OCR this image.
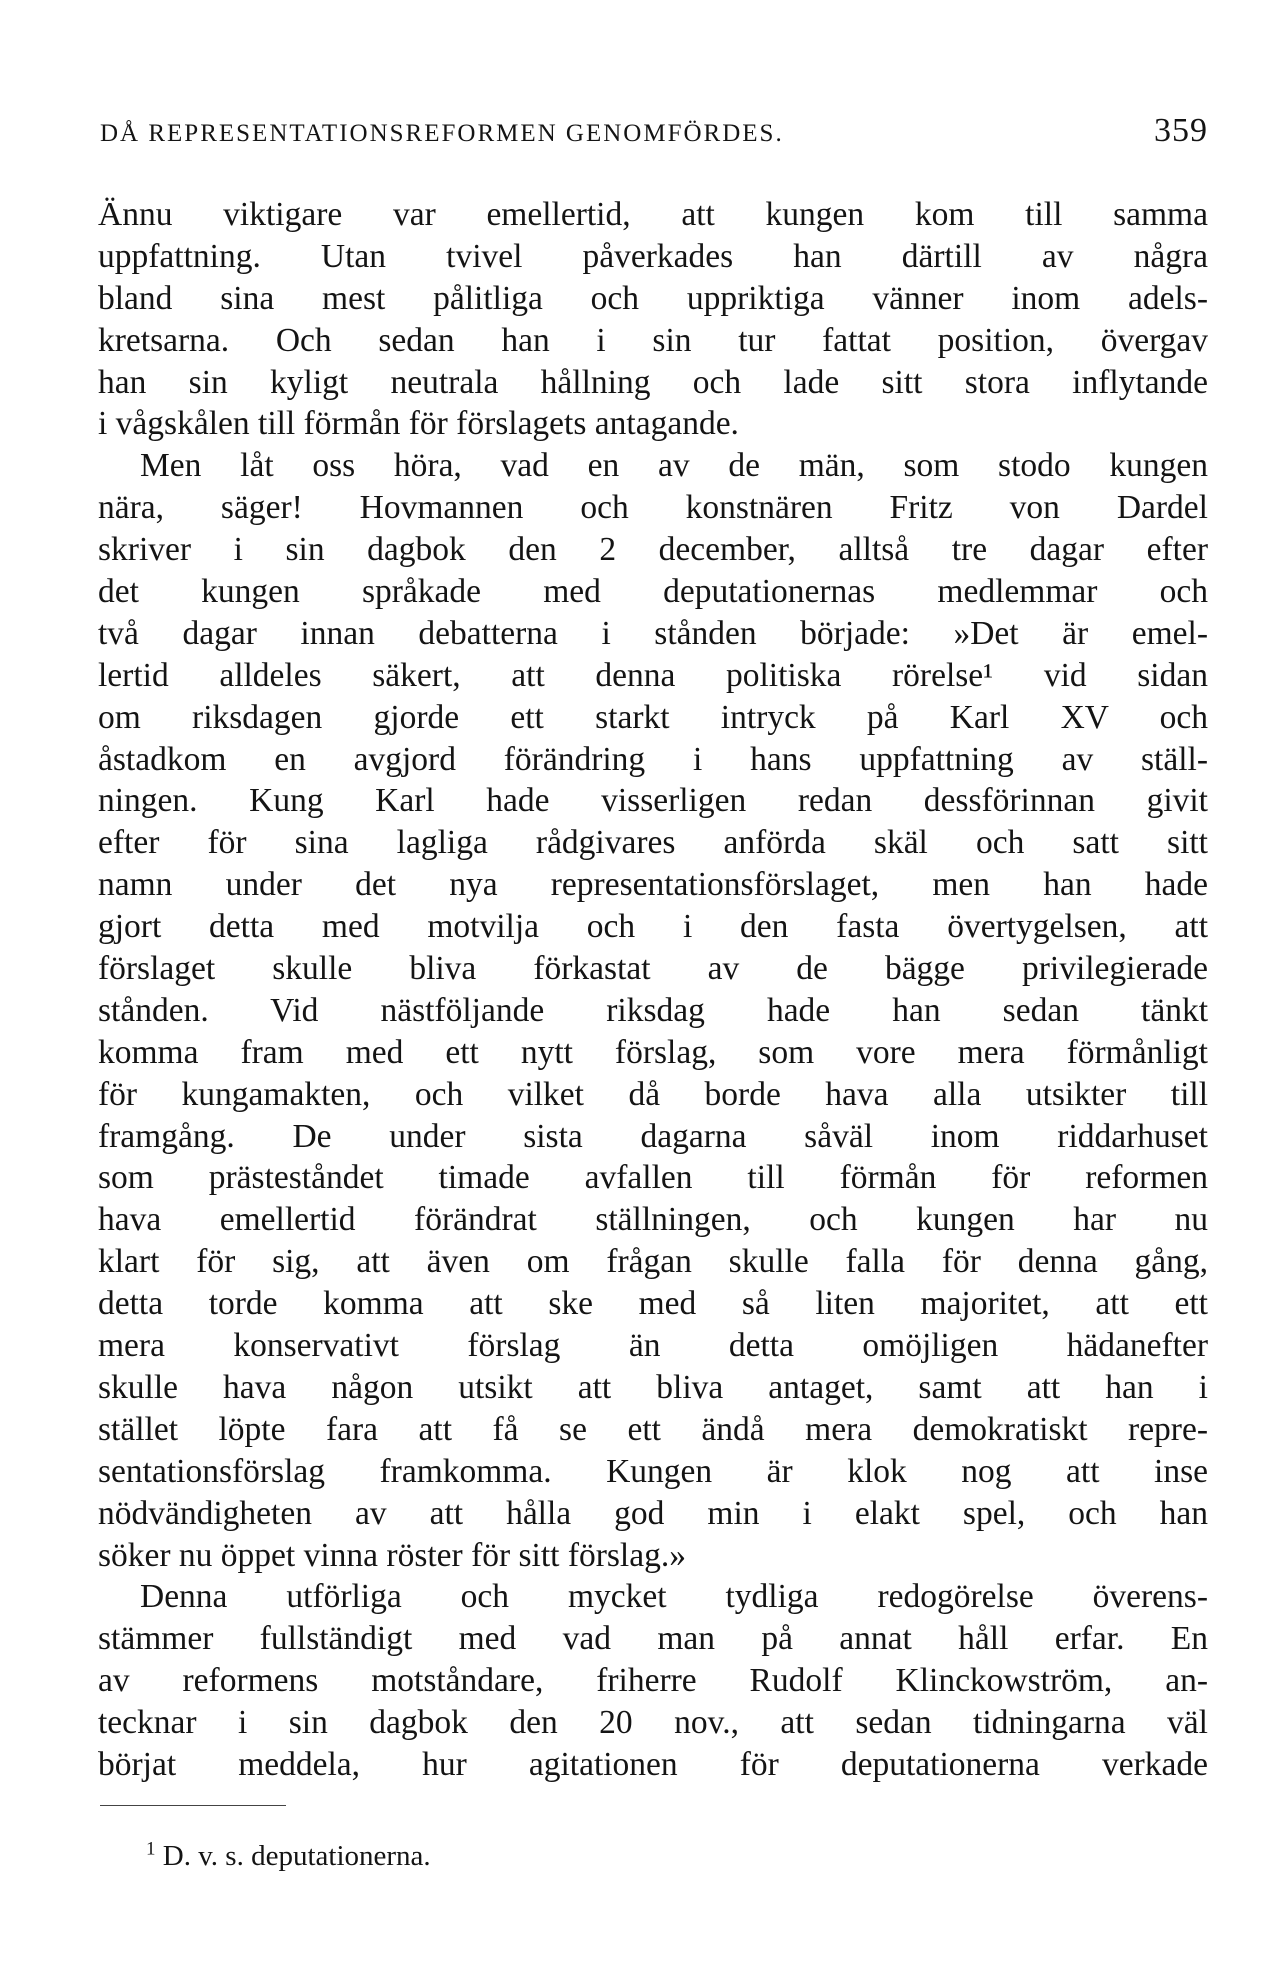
DÅ REPRESENTATIONSREFORMEN GENOMFÖRDES.	359
Ännu viktigare var emellertid, att kungen kom till samma
uppfattning. Utan tvivel påverkades han därtill av några
bland sina mest pålitliga och uppriktiga vänner inom adels-
kretsarna. Och sedan han i sin tur fattat position, övergav
han sin kyligt neutrala hållning och lade sitt stora inflytande
i vågskålen till förmån för förslagets antagande.
Men låt oss höra, vad en av de män, som stodo kungen
nära, säger! Hovmannen och konstnären Fritz von Dardel
skriver i sin dagbok den 2 december, alltså tre dagar efter
det kungen språkade med deputationernas medlemmar och
två dagar innan debatterna i stånden började: »Det är emel-
lertid alldeles säkert, att denna politiska rörelse¹ vid sidan
om riksdagen gjorde ett starkt intryck på Karl XV och
åstadkom en avgjord förändring i hans uppfattning av ställ-
ningen. Kung Karl hade visserligen redan dessförinnan givit
efter för sina lagliga rådgivares anförda skäl och satt sitt
namn under det nya representationsförslaget, men han hade
gjort detta med motvilja och i den fasta övertygelsen, att
förslaget skulle bliva förkastat av de bägge privilegierade
stånden. Vid nästföljande riksdag hade han sedan tänkt
komma fram med ett nytt förslag, som vore mera förmånligt
för kungamakten, och vilket då borde hava alla utsikter till
framgång. De under sista dagarna såväl inom riddarhuset
som prästeståndet timade avfallen till förmån för reformen
hava emellertid förändrat ställningen, och kungen har nu
klart för sig, att även om frågan skulle falla för denna gång,
detta torde komma att ske med så liten majoritet, att ett
mera konservativt förslag än detta omöjligen hädanefter
skulle hava någon utsikt att bliva antaget, samt att han i
stället löpte fara att få se ett ändå mera demokratiskt repre-
sentationsförslag framkomma. Kungen är klok nog att inse
nödvändigheten av att hålla god min i elakt spel, och han
söker nu öppet vinna röster för sitt förslag.»
Denna utförliga och mycket tydliga redogörelse överens-
stämmer fullständigt med vad man på annat håll erfar. En
av reformens motståndare, friherre Rudolf Klinckowström, an-
tecknar i sin dagbok den 20 nov., att sedan tidningarna väl
börjat meddela, hur agitationen för deputationerna verkade
$^1$ D. v. s. deputationerna.
